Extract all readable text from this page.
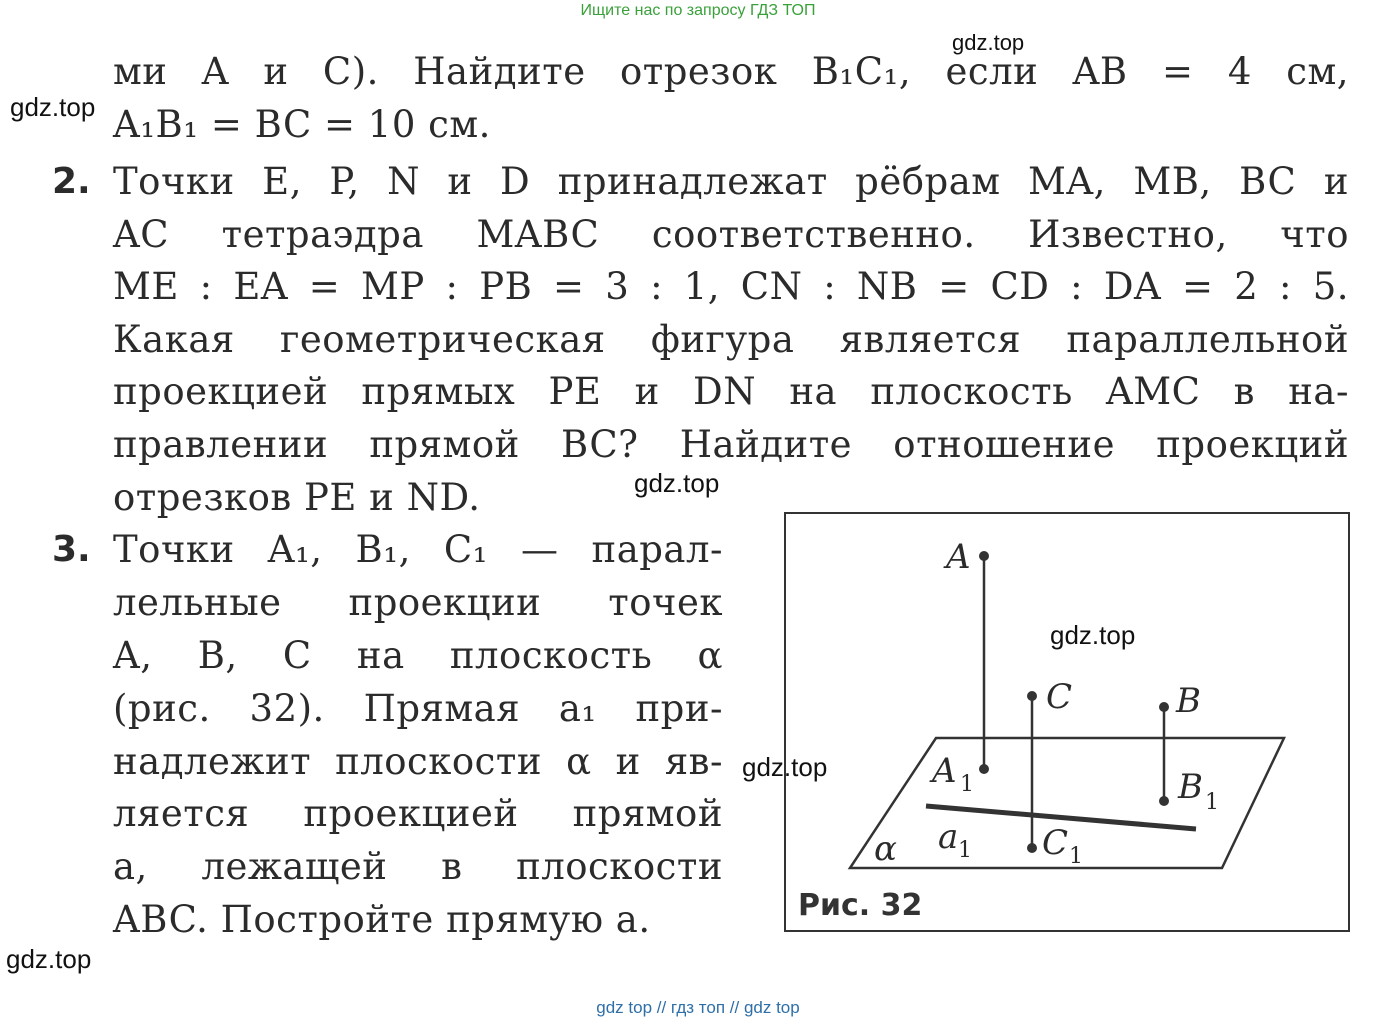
Ищите нас по запросу ГДЗ ТОП
ми A и C). Найдите отрезок B₁C₁, если AB = 4 см,
A₁B₁ = BC = 10 см.
2. Точки E, P, N и D принадлежат рёбрам MA, MB, BC и
AC тетраэдра MABC соответственно. Известно, что
ME : EA = MP : PB = 3 : 1, CN : NB = CD : DA = 2 : 5.
Какая геометрическая фигура является параллельной
проекцией прямых PE и DN на плоскость AMC в на-
правлении прямой BC? Найдите отношение проекций
отрезков PE и ND.
3. Точки A₁, B₁, C₁ — парал-
лельные проекции точек
A, B, C на плоскость α
(рис. 32). Прямая a₁ при-
надлежит плоскости α и яв-
ляется проекцией прямой
a, лежащей в плоскости
ABC. Постройте прямую a.
A
C	B
A 1	B 1
C 1
a 1
α
Рис. 32
gdz.top
gdz.top
gdz.top
gdz.top
gdz.top
gdz.top
gdz top // гдз топ // gdz top
